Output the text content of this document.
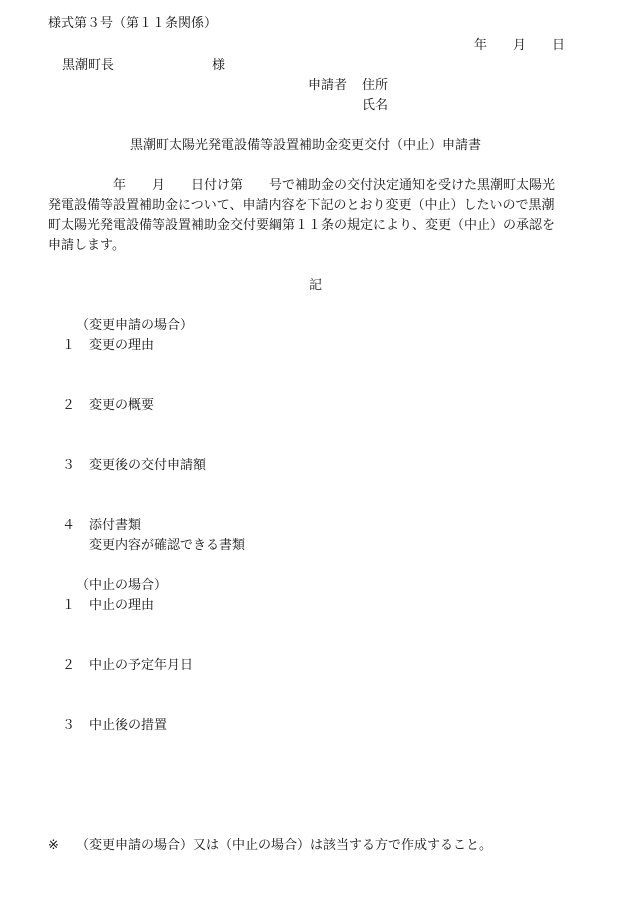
様式第３号（第１１条関係）
年　　月　　日
黒潮町長	様
申請者 住所
氏名
黒潮町太陽光発電設備等設置補助金変更交付（中止）申請書
　　　　　年　　月　　日付け第　　号で補助金の交付決定通知を受けた黒潮町太陽光
発電設備等設置補助金について、申請内容を下記のとおり変更（中止）したいので黒潮
町太陽光発電設備等設置補助金交付要綱第１１条の規定により、変更（中止）の承認を
申請します。
記
（変更申請の場合）
１ 変更の理由
２ 変更の概要
３ 変更後の交付申請額
４ 添付書類
変更内容が確認できる書類
（中止の場合）
１ 中止の理由
２ 中止の予定年月日
３ 中止後の措置
※ （変更申請の場合）又は（中止の場合）は該当する方で作成すること。
